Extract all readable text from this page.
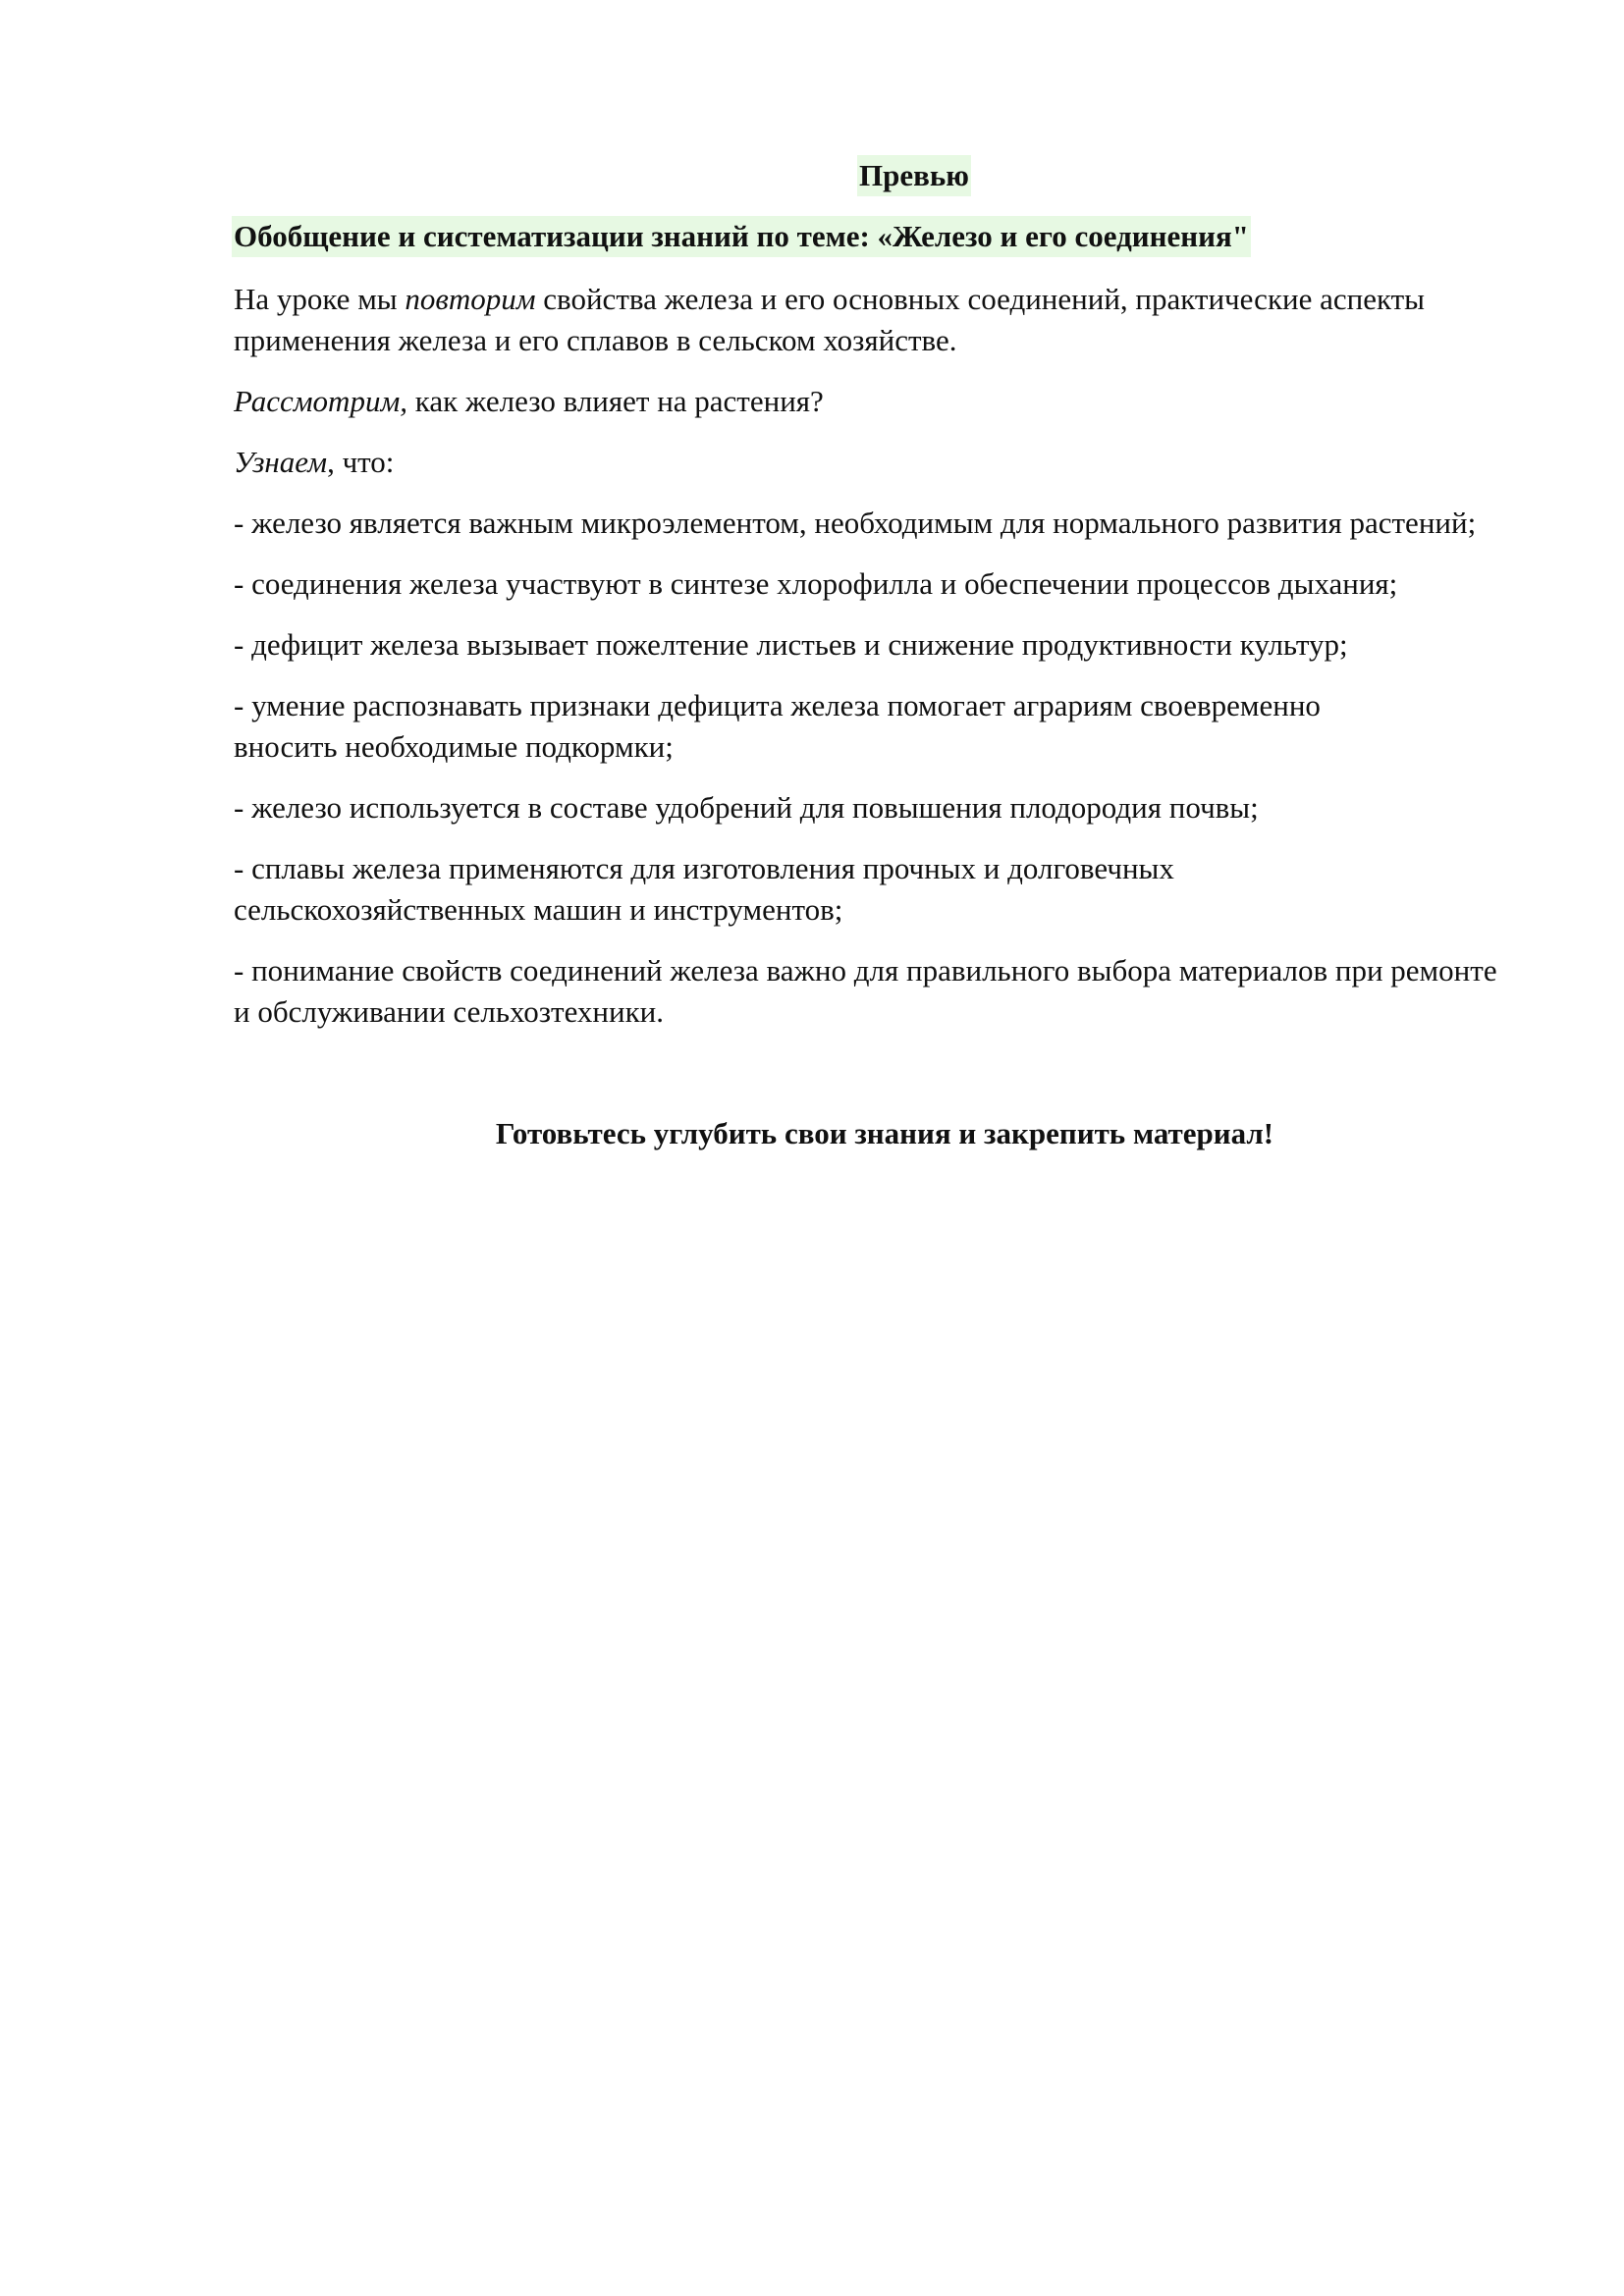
Превью
Обобщение и систематизации знаний по теме: «Железо и его соединения"

На уроке мы повторим свойства железа и его основных соединений, практические аспекты применения железа и его сплавов в сельском хозяйстве.

Рассмотрим, как железо влияет на растения?

Узнаем, что:

- железо является важным микроэлементом, необходимым для нормального развития растений;

- соединения железа участвуют в синтезе хлорофилла и обеспечении процессов дыхания;

- дефицит железа вызывает пожелтение листьев и снижение продуктивности культур;

- умение распознавать признаки дефицита железа помогает аграриям своевременно вносить необходимые подкормки;

- железо используется в составе удобрений для повышения плодородия почвы;

- сплавы железа применяются для изготовления прочных и долговечных сельскохозяйственных машин и инструментов;

- понимание свойств соединений железа важно для правильного выбора материалов при ремонте и обслуживании сельхозтехники.

Готовьтесь углубить свои знания и закрепить материал!
